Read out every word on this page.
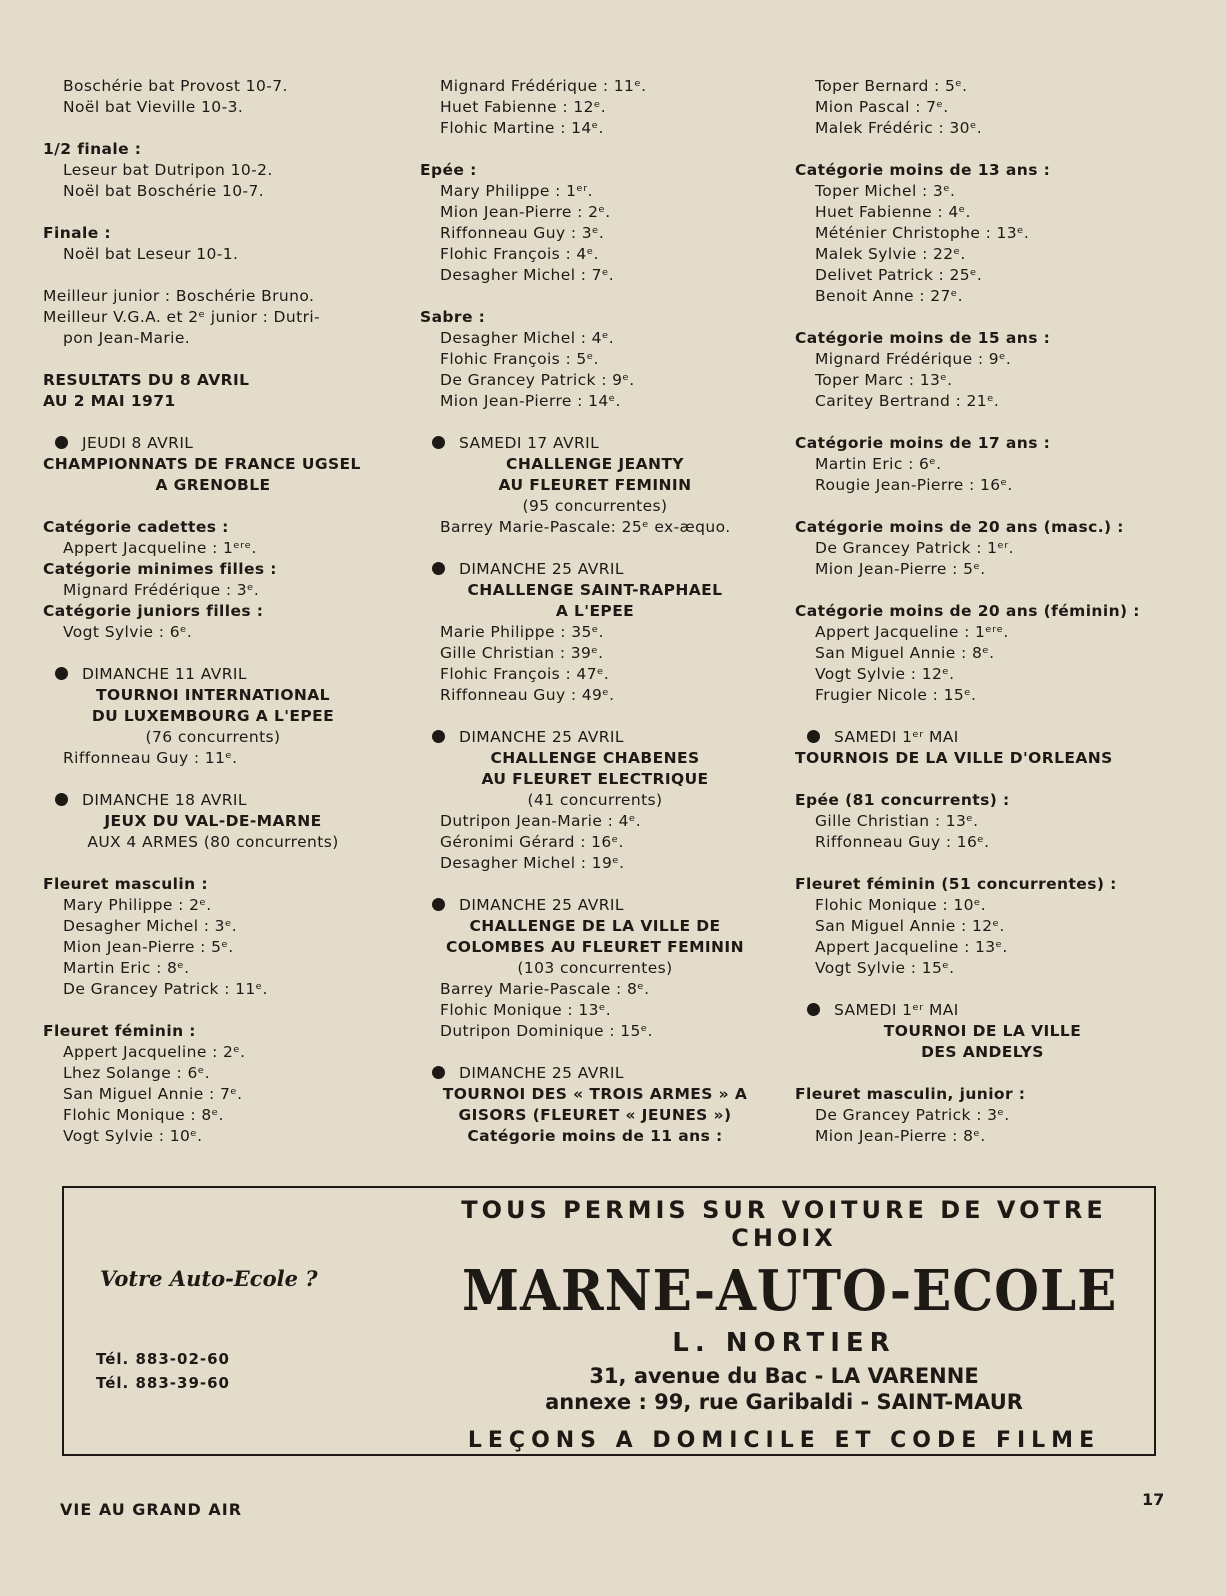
Boschérie bat Provost 10-7.
Noël bat Vieville 10-3.
1/2 finale :
Leseur bat Dutripon 10-2.
Noël bat Boschérie 10-7.
Finale :
Noël bat Leseur 10-1.
Meilleur junior : Boschérie Bruno.
Meilleur V.G.A. et 2ᵉ junior : Dutri-
pon Jean-Marie.
RESULTATS DU 8 AVRIL
AU 2 MAI 1971
JEUDI 8 AVRIL
CHAMPIONNATS DE FRANCE UGSEL
A GRENOBLE
Catégorie cadettes :
Appert Jacqueline : 1ᵉʳᵉ.
Catégorie minimes filles :
Mignard Frédérique : 3ᵉ.
Catégorie juniors filles :
Vogt Sylvie : 6ᵉ.
DIMANCHE 11 AVRIL
TOURNOI INTERNATIONAL
DU LUXEMBOURG A L'EPEE
(76 concurrents)
Riffonneau Guy : 11ᵉ.
DIMANCHE 18 AVRIL
JEUX DU VAL-DE-MARNE
AUX 4 ARMES (80 concurrents)
Fleuret masculin :
Mary Philippe : 2ᵉ.
Desagher Michel : 3ᵉ.
Mion Jean-Pierre : 5ᵉ.
Martin Eric : 8ᵉ.
De Grancey Patrick : 11ᵉ.
Fleuret féminin :
Appert Jacqueline : 2ᵉ.
Lhez Solange : 6ᵉ.
San Miguel Annie : 7ᵉ.
Flohic Monique : 8ᵉ.
Vogt Sylvie : 10ᵉ.
Mignard Frédérique : 11ᵉ.
Huet Fabienne : 12ᵉ.
Flohic Martine : 14ᵉ.
Epée :
Mary Philippe : 1ᵉʳ.
Mion Jean-Pierre : 2ᵉ.
Riffonneau Guy : 3ᵉ.
Flohic François : 4ᵉ.
Desagher Michel : 7ᵉ.
Sabre :
Desagher Michel : 4ᵉ.
Flohic François : 5ᵉ.
De Grancey Patrick : 9ᵉ.
Mion Jean-Pierre : 14ᵉ.
SAMEDI 17 AVRIL
CHALLENGE JEANTY
AU FLEURET FEMININ
(95 concurrentes)
Barrey Marie-Pascale: 25ᵉ ex-æquo.
DIMANCHE 25 AVRIL
CHALLENGE SAINT-RAPHAEL
A L'EPEE
Marie Philippe : 35ᵉ.
Gille Christian : 39ᵉ.
Flohic François : 47ᵉ.
Riffonneau Guy : 49ᵉ.
DIMANCHE 25 AVRIL
CHALLENGE CHABENES
AU FLEURET ELECTRIQUE
(41 concurrents)
Dutripon Jean-Marie : 4ᵉ.
Géronimi Gérard : 16ᵉ.
Desagher Michel : 19ᵉ.
DIMANCHE 25 AVRIL
CHALLENGE DE LA VILLE DE
COLOMBES AU FLEURET FEMININ
(103 concurrentes)
Barrey Marie-Pascale : 8ᵉ.
Flohic Monique : 13ᵉ.
Dutripon Dominique : 15ᵉ.
DIMANCHE 25 AVRIL
TOURNOI DES « TROIS ARMES » A
GISORS (FLEURET « JEUNES »)
Catégorie moins de 11 ans :
Toper Bernard : 5ᵉ.
Mion Pascal : 7ᵉ.
Malek Frédéric : 30ᵉ.
Catégorie moins de 13 ans :
Toper Michel : 3ᵉ.
Huet Fabienne : 4ᵉ.
Méténier Christophe : 13ᵉ.
Malek Sylvie : 22ᵉ.
Delivet Patrick : 25ᵉ.
Benoit Anne : 27ᵉ.
Catégorie moins de 15 ans :
Mignard Frédérique : 9ᵉ.
Toper Marc : 13ᵉ.
Caritey Bertrand : 21ᵉ.
Catégorie moins de 17 ans :
Martin Eric : 6ᵉ.
Rougie Jean-Pierre : 16ᵉ.
Catégorie moins de 20 ans (masc.) :
De Grancey Patrick : 1ᵉʳ.
Mion Jean-Pierre : 5ᵉ.
Catégorie moins de 20 ans (féminin) :
Appert Jacqueline : 1ᵉʳᵉ.
San Miguel Annie : 8ᵉ.
Vogt Sylvie : 12ᵉ.
Frugier Nicole : 15ᵉ.
SAMEDI 1ᵉʳ MAI
TOURNOIS DE LA VILLE D'ORLEANS
Epée (81 concurrents) :
Gille Christian : 13ᵉ.
Riffonneau Guy : 16ᵉ.
Fleuret féminin (51 concurrentes) :
Flohic Monique : 10ᵉ.
San Miguel Annie : 12ᵉ.
Appert Jacqueline : 13ᵉ.
Vogt Sylvie : 15ᵉ.
SAMEDI 1ᵉʳ MAI
TOURNOI DE LA VILLE
DES ANDELYS
Fleuret masculin, junior :
De Grancey Patrick : 3ᵉ.
Mion Jean-Pierre : 8ᵉ.
Votre Auto-Ecole ?
Tél. 883-02-60
Tél. 883-39-60
TOUS PERMIS SUR VOITURE DE VOTRE CHOIX
MARNE-AUTO-ECOLE
L. NORTIER
31, avenue du Bac - LA VARENNE
annexe : 99, rue Garibaldi - SAINT-MAUR
LEÇONS A DOMICILE ET CODE FILME
VIE AU GRAND AIR
17
